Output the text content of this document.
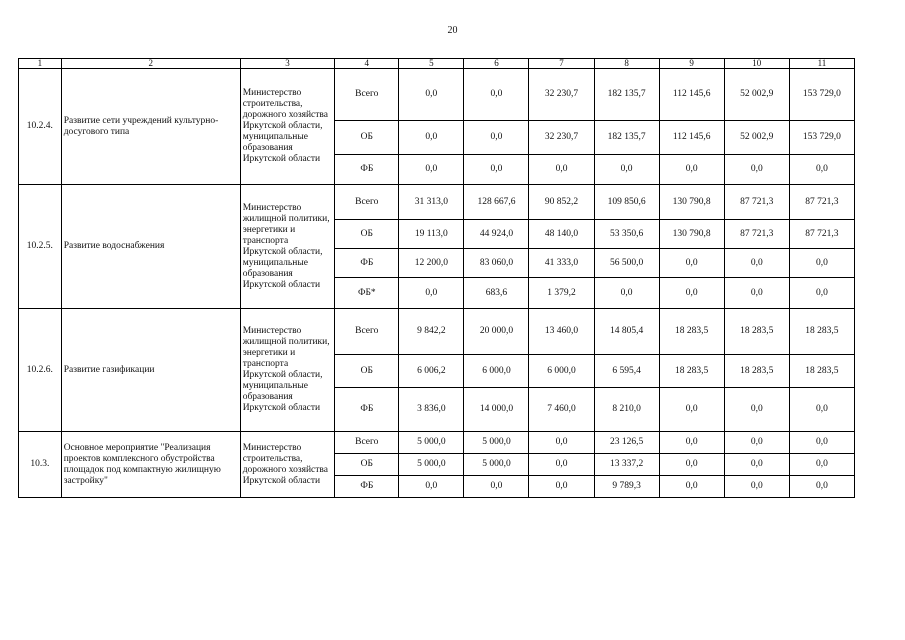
20
1	2	3	4	5	6	7	8	9	10	11
10.2.4.	Развитие сети учреждений культурно-досугового типа	Министерство строительства, дорожного хозяйства Иркутской области, муниципальные образования Иркутской области	Всего	0,0	0,0	32 230,7	182 135,7	112 145,6	52 002,9	153 729,0
			ОБ	0,0	0,0	32 230,7	182 135,7	112 145,6	52 002,9	153 729,0
			ФБ	0,0	0,0	0,0	0,0	0,0	0,0	0,0
10.2.5.	Развитие водоснабжения	Министерство жилищной политики, энергетики и транспорта Иркутской области, муниципальные образования Иркутской области	Всего	31 313,0	128 667,6	90 852,2	109 850,6	130 790,8	87 721,3	87 721,3
			ОБ	19 113,0	44 924,0	48 140,0	53 350,6	130 790,8	87 721,3	87 721,3
			ФБ	12 200,0	83 060,0	41 333,0	56 500,0	0,0	0,0	0,0
			ФБ*	0,0	683,6	1 379,2	0,0	0,0	0,0	0,0
10.2.6.	Развитие газификации	Министерство жилищной политики, энергетики и транспорта Иркутской области, муниципальные образования Иркутской области	Всего	9 842,2	20 000,0	13 460,0	14 805,4	18 283,5	18 283,5	18 283,5
			ОБ	6 006,2	6 000,0	6 000,0	6 595,4	18 283,5	18 283,5	18 283,5
			ФБ	3 836,0	14 000,0	7 460,0	8 210,0	0,0	0,0	0,0
10.3.	Основное мероприятие "Реализация проектов комплексного обустройства площадок под компактную жилищную застройку"	Министерство строительства, дорожного хозяйства Иркутской области	Всего	5 000,0	5 000,0	0,0	23 126,5	0,0	0,0	0,0
			ОБ	5 000,0	5 000,0	0,0	13 337,2	0,0	0,0	0,0
			ФБ	0,0	0,0	0,0	9 789,3	0,0	0,0	0,0
